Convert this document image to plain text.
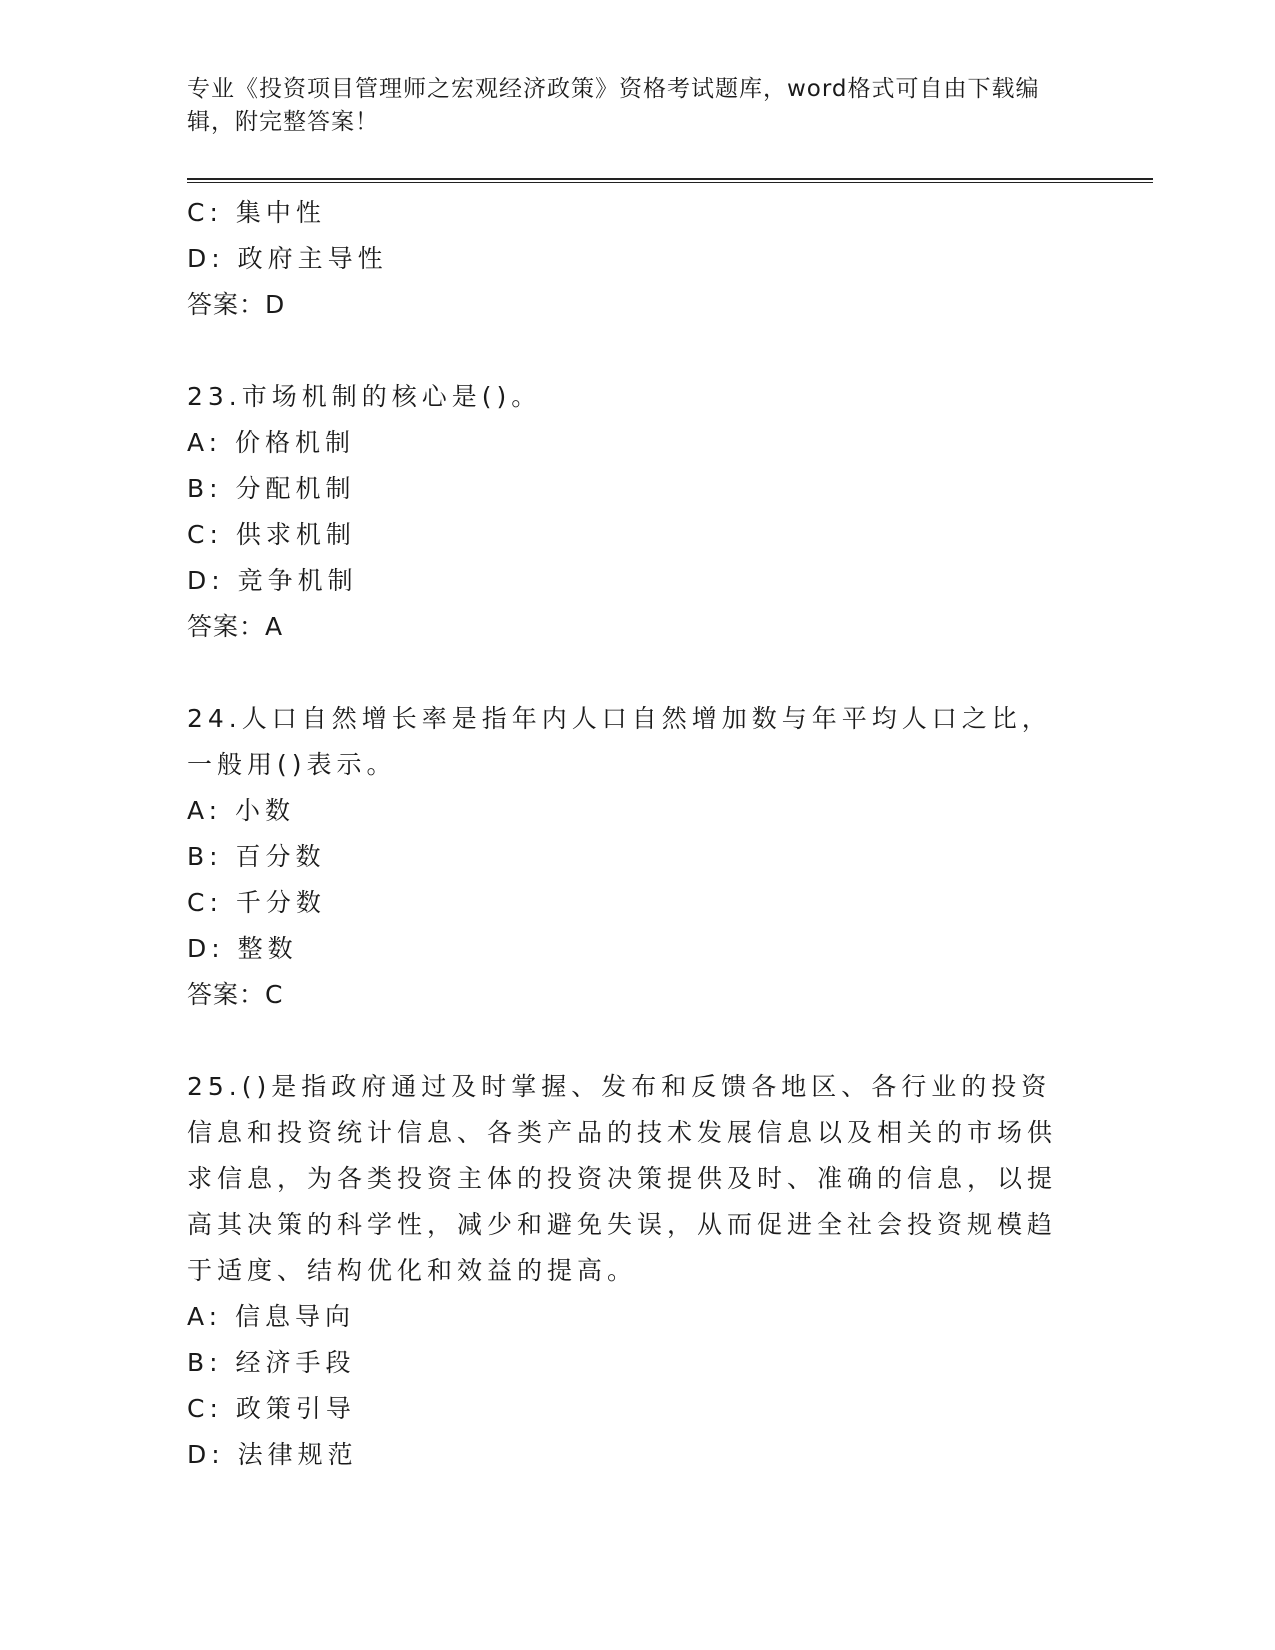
专业《投资项目管理师之宏观经济政策》资格考试题库，word格式可自由下载编辑，附完整答案！
C: 集中性
D: 政府主导性
答案：D
23.市场机制的核心是()。
A: 价格机制
B: 分配机制
C: 供求机制
D: 竞争机制
答案：A
24.人口自然增长率是指年内人口自然增加数与年平均人口之比，一般用()表示。
A: 小数
B: 百分数
C: 千分数
D: 整数
答案：C
25.()是指政府通过及时掌握、发布和反馈各地区、各行业的投资信息和投资统计信息、各类产品的技术发展信息以及相关的市场供求信息，为各类投资主体的投资决策提供及时、准确的信息，以提高其决策的科学性，减少和避免失误，从而促进全社会投资规模趋于适度、结构优化和效益的提高。
A: 信息导向
B: 经济手段
C: 政策引导
D: 法律规范
